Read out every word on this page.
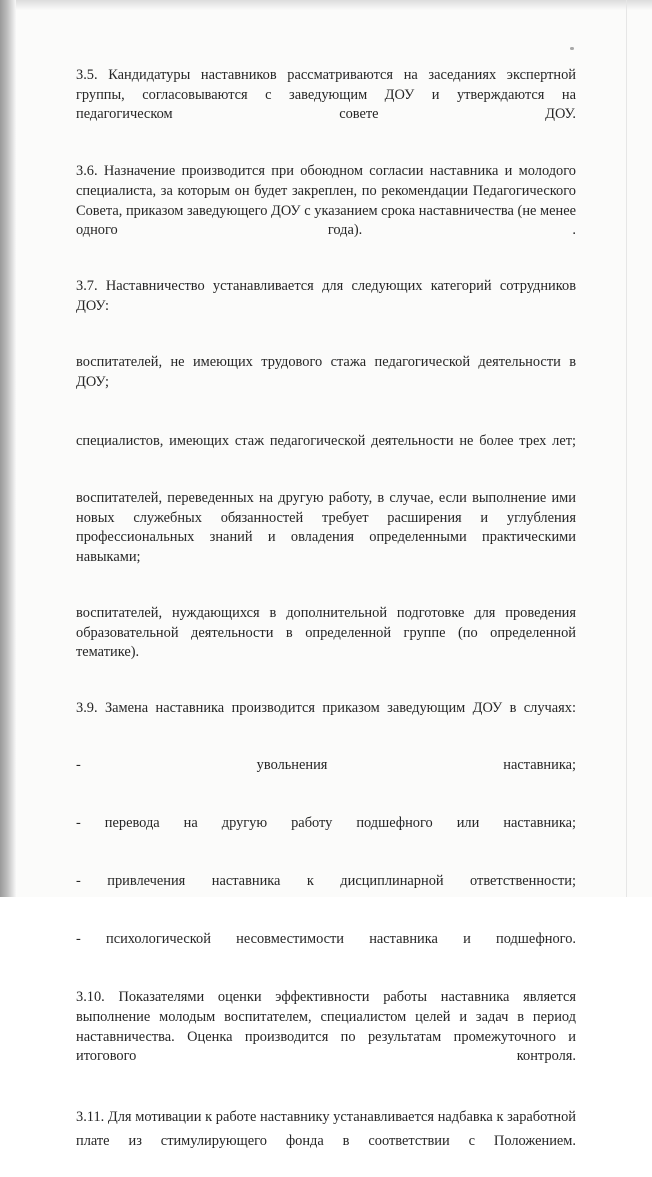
3.5. Кандидатуры наставников рассматриваются на заседаниях экспертной группы, согласовываются с заведующим ДОУ и утверждаются на педагогическом совете ДОУ.

3.6. Назначение производится при обоюдном согласии наставника и молодого специалиста, за которым он будет закреплен, по рекомендации Педагогического Совета, приказом заведующего ДОУ с указанием срока наставничества (не менее одного года). .

3.7. Наставничество устанавливается для следующих категорий сотрудников ДОУ:

воспитателей, не имеющих трудового стажа педагогической деятельности в ДОУ;

специалистов, имеющих стаж педагогической деятельности не более трех лет;

воспитателей, переведенных на другую работу, в случае, если выполнение ими новых служебных обязанностей требует расширения и углубления профессиональных знаний и овладения определенными практическими навыками;

воспитателей, нуждающихся в дополнительной подготовке для проведения образовательной деятельности в определенной группе (по определенной тематике).

3.9. Замена наставника производится приказом заведующим ДОУ в случаях:

- увольнения наставника;

- перевода на другую работу подшефного или наставника;

- привлечения наставника к дисциплинарной ответственности;

- психологической несовместимости наставника и подшефного.

3.10. Показателями оценки эффективности работы наставника является выполнение молодым воспитателем, специалистом целей и задач в период наставничества. Оценка производится по результатам промежуточного и итогового контроля.

3.11. Для мотивации к работе наставнику устанавливается надбавка к заработной плате из стимулирующего фонда в соответствии с Положением.
